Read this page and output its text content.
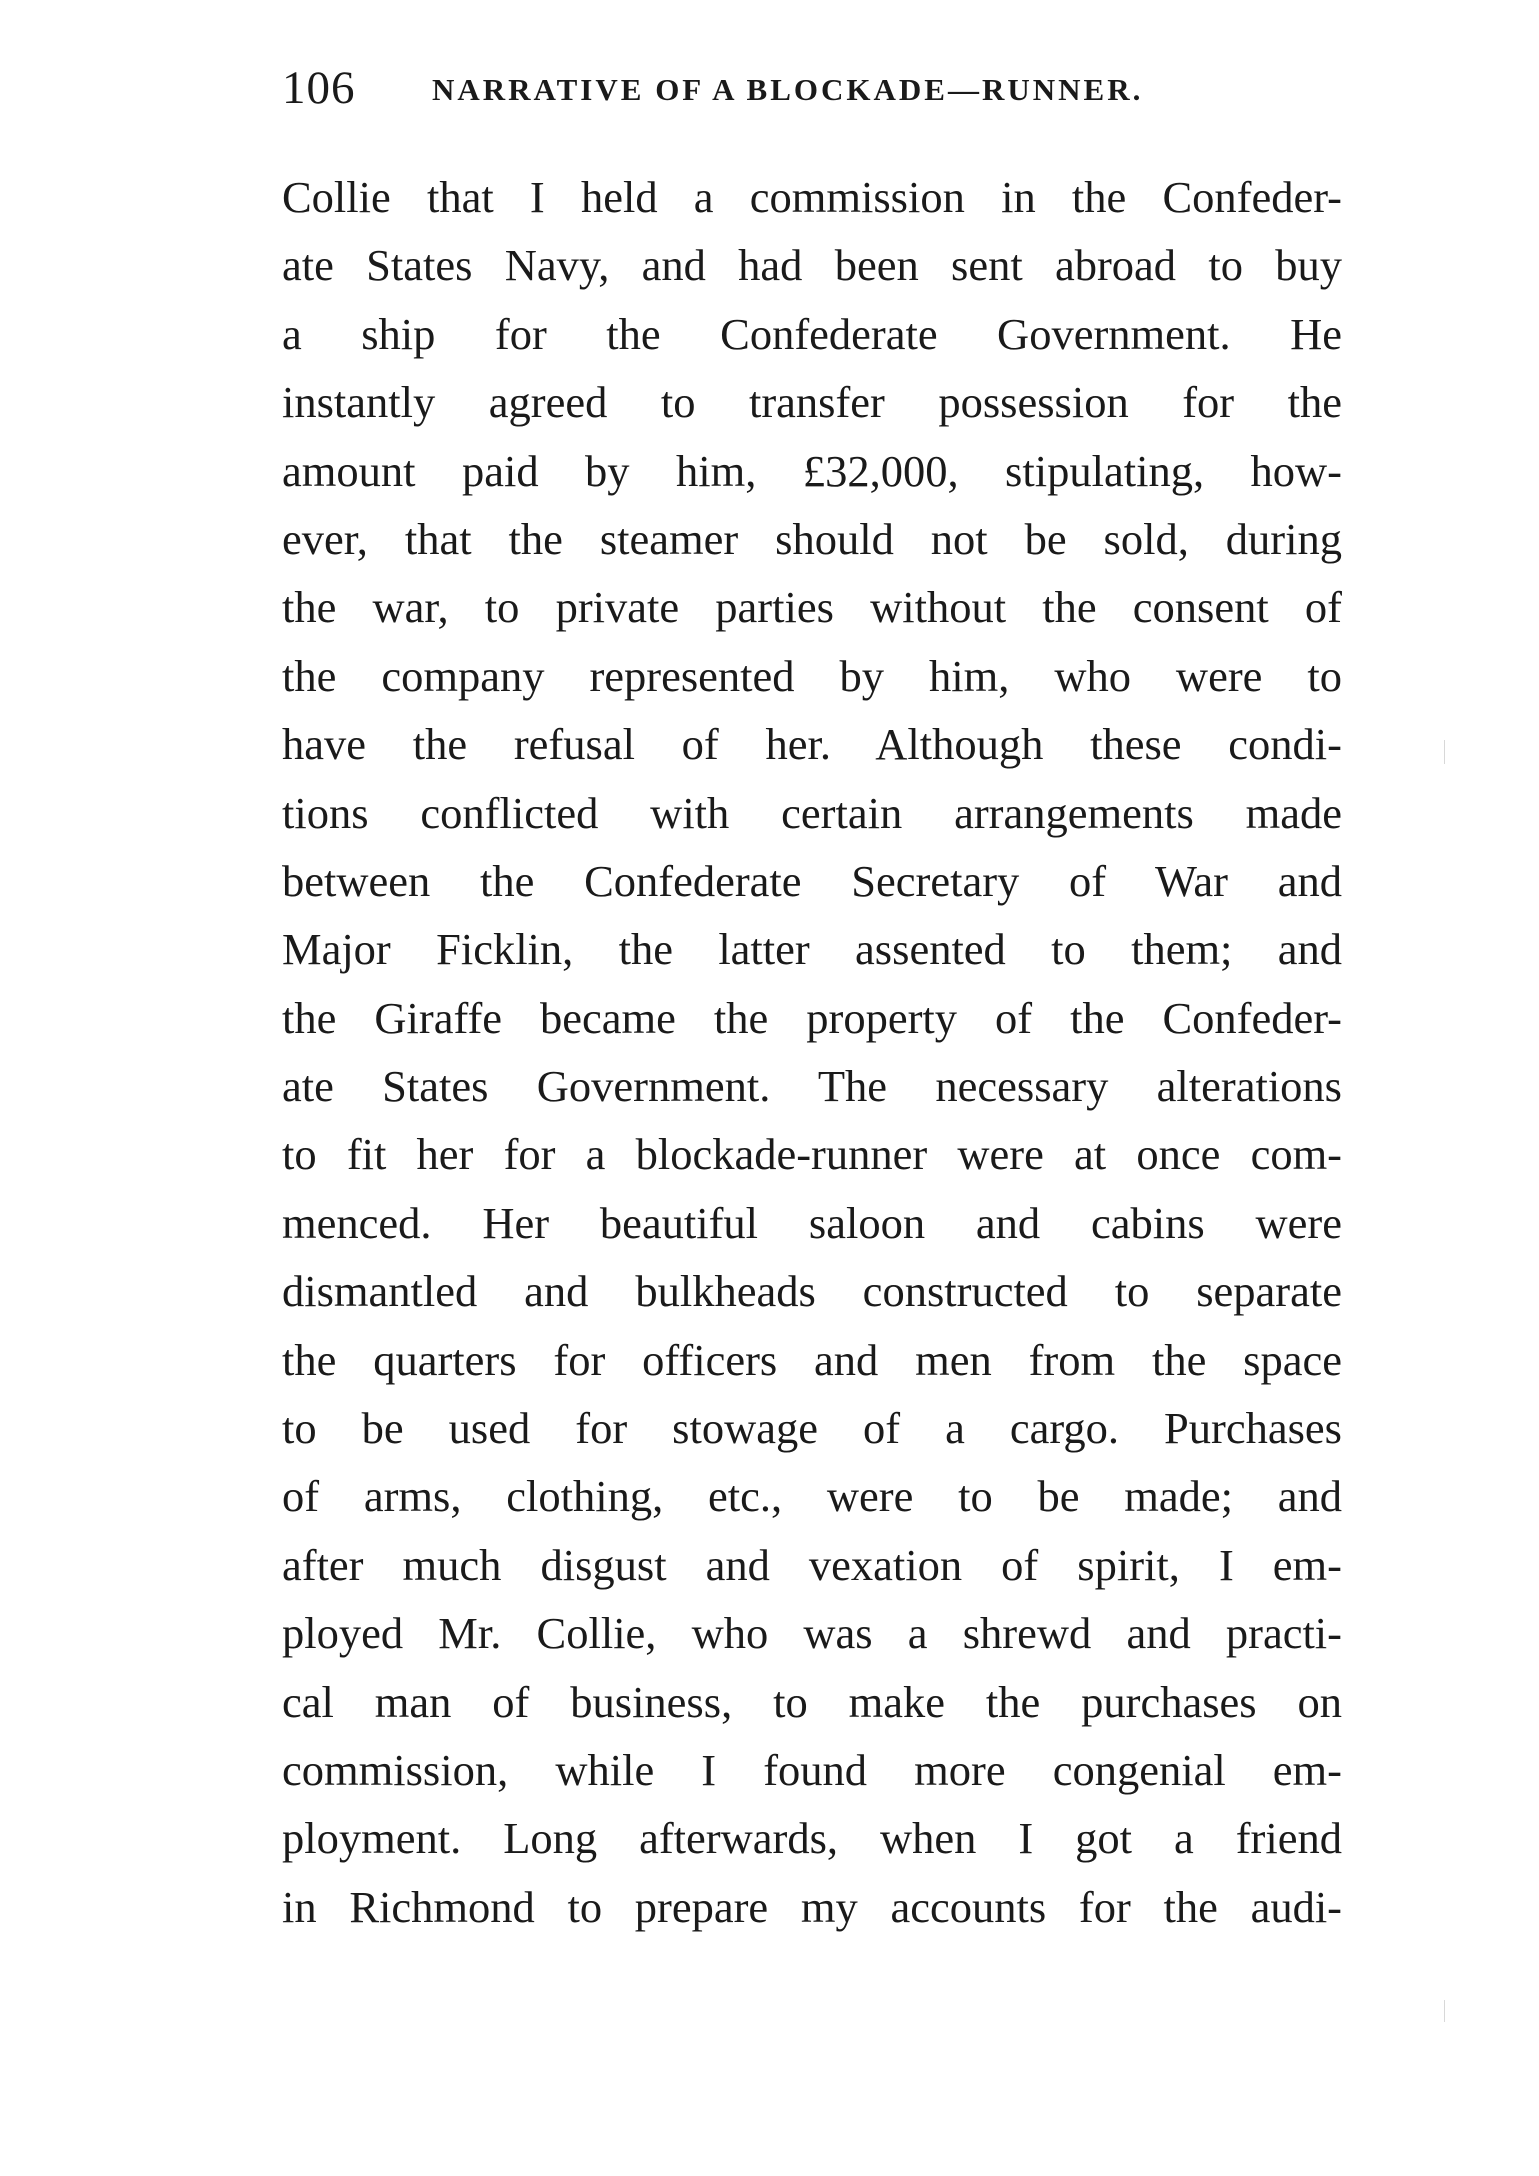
106 NARRATIVE OF A BLOCKADE—RUNNER.
Collie that I held a commission in the Confeder-
ate States Navy, and had been sent abroad to buy
a ship for the Confederate Government. He
instantly agreed to transfer possession for the
amount paid by him, £32,000, stipulating, how-
ever, that the steamer should not be sold, during
the war, to private parties without the consent of
the company represented by him, who were to
have the refusal of her. Although these condi-
tions conflicted with certain arrangements made
between the Confederate Secretary of War and
Major Ficklin, the latter assented to them; and
the Giraffe became the property of the Confeder-
ate States Government. The necessary alterations
to fit her for a blockade-runner were at once com-
menced. Her beautiful saloon and cabins were
dismantled and bulkheads constructed to separate
the quarters for officers and men from the space
to be used for stowage of a cargo. Purchases
of arms, clothing, etc., were to be made; and
after much disgust and vexation of spirit, I em-
ployed Mr. Collie, who was a shrewd and practi-
cal man of business, to make the purchases on
commission, while I found more congenial em-
ployment. Long afterwards, when I got a friend
in Richmond to prepare my accounts for the audi-
